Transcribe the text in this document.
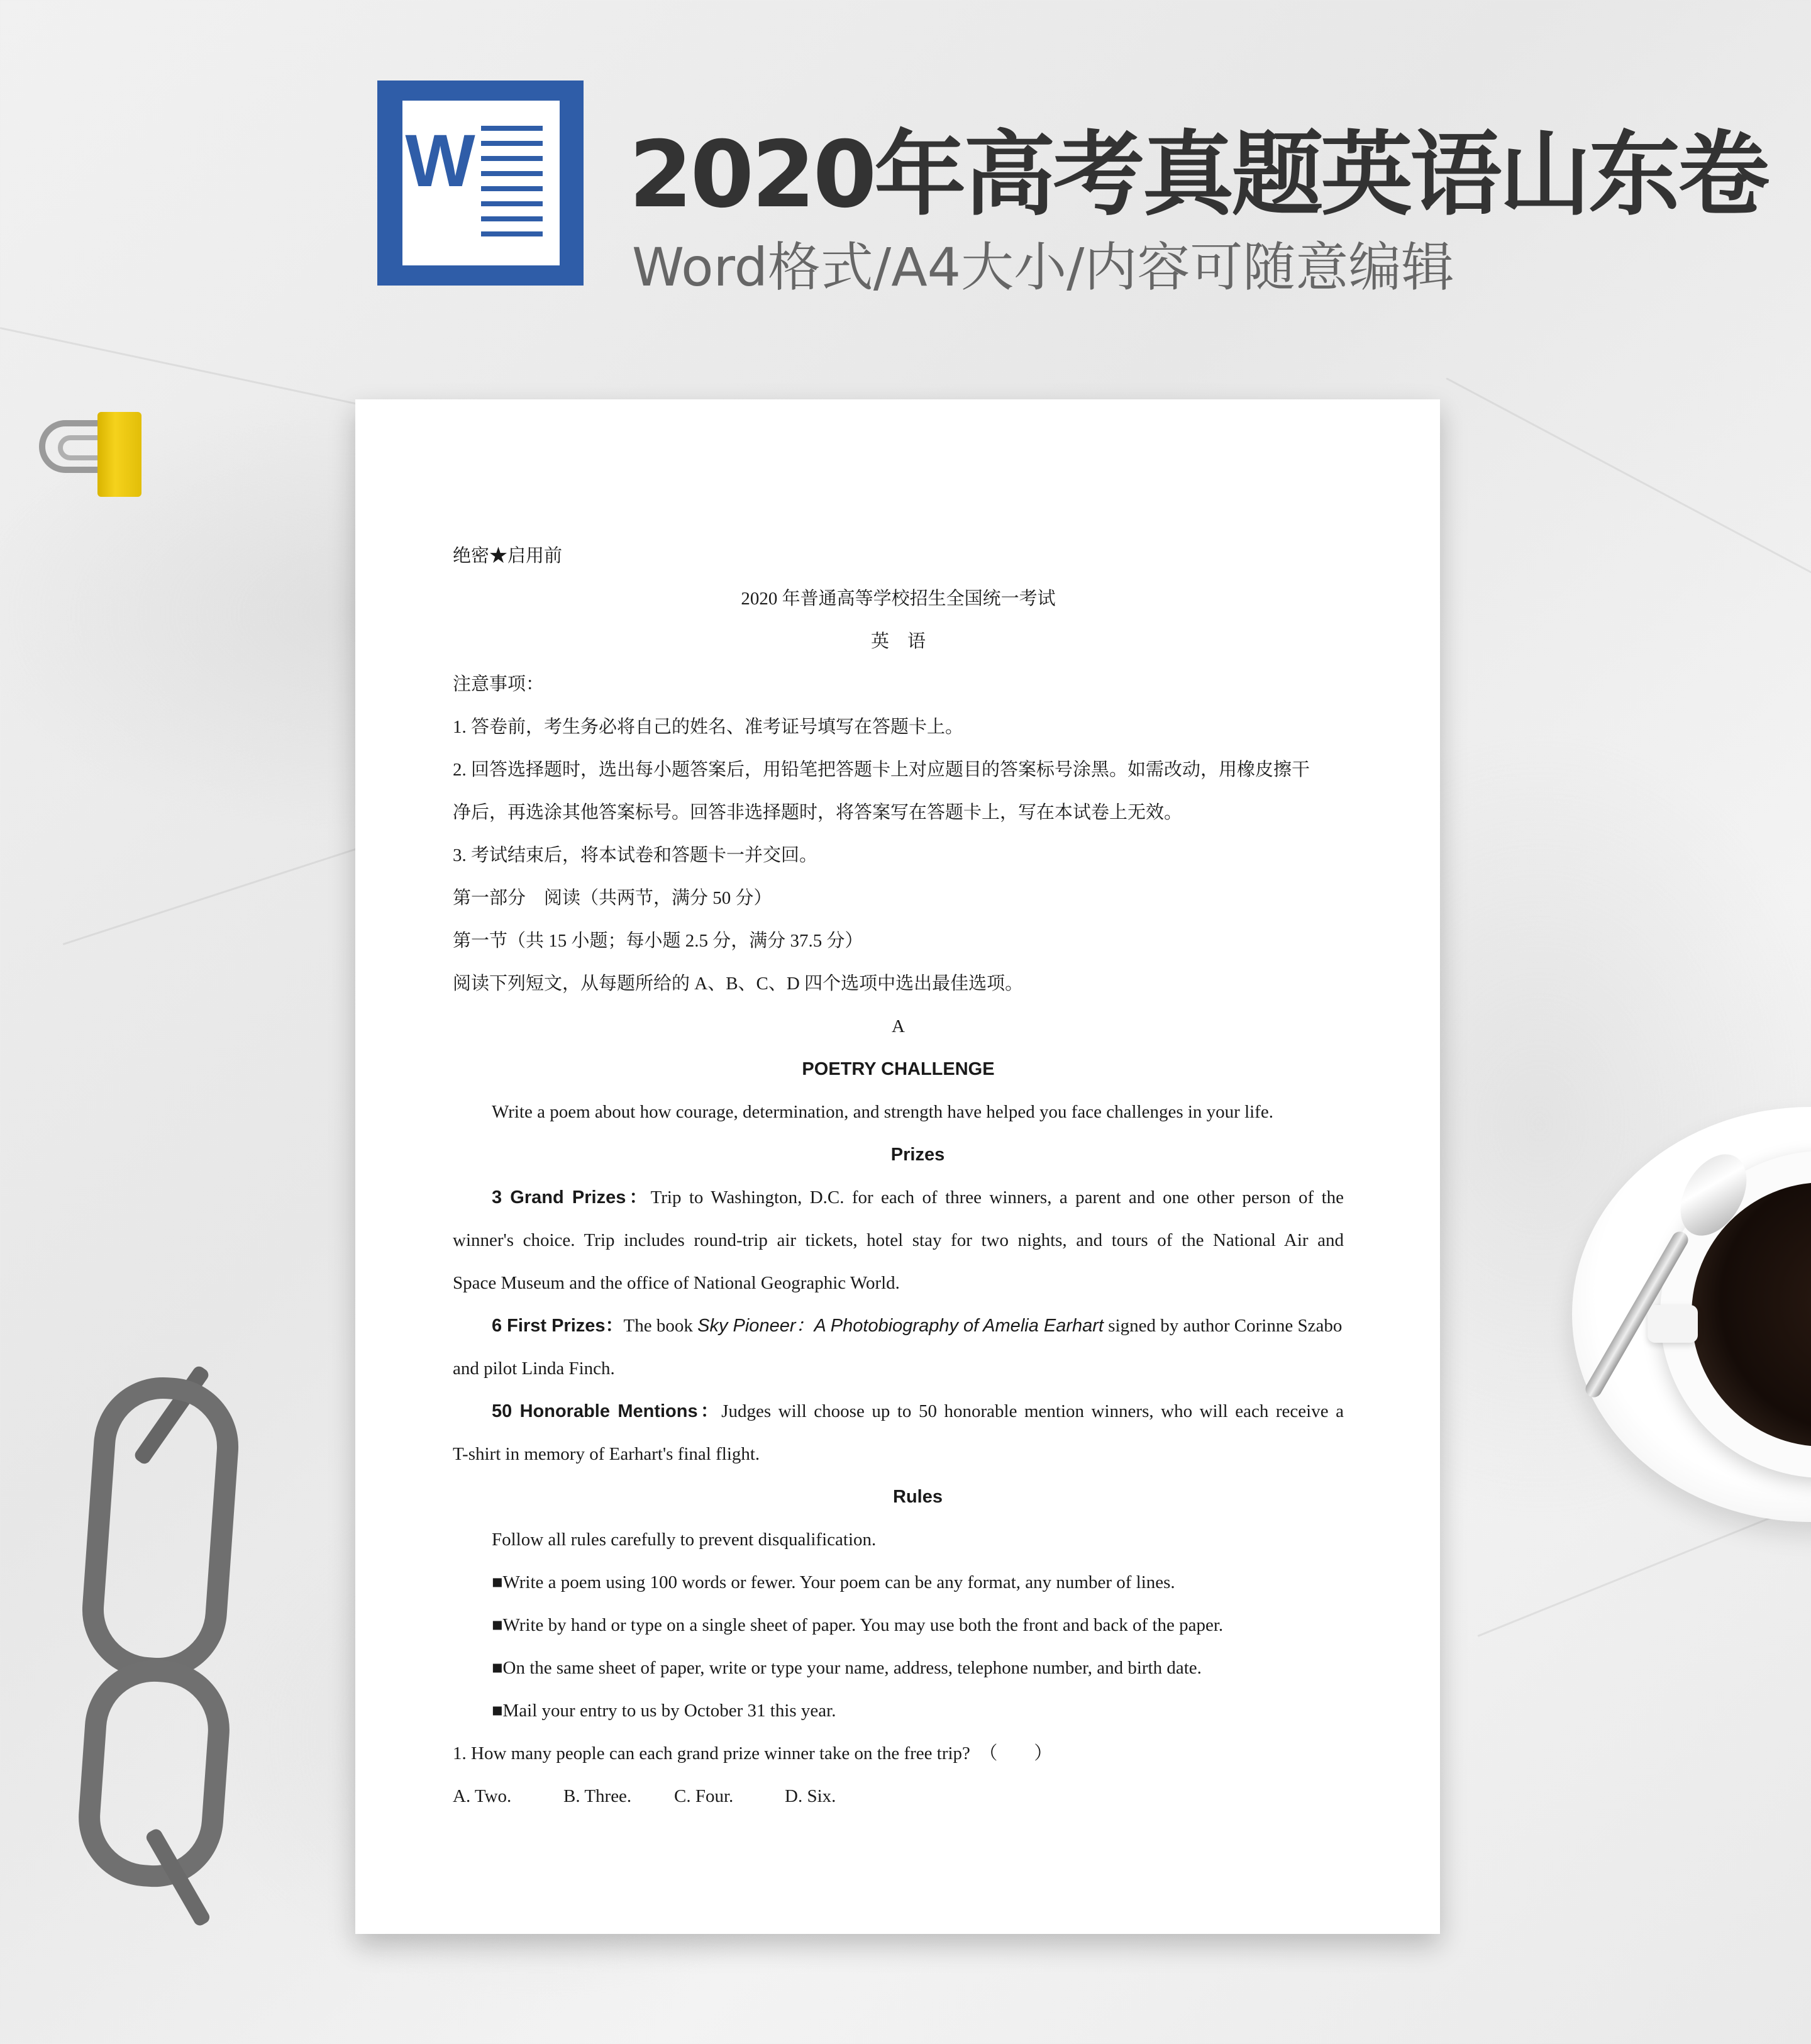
W 2020年高考真题英语山东卷
Word格式/A4大小/内容可随意编辑
绝密★启用前
2020 年普通高等学校招生全国统一考试
英    语
注意事项：
1. 答卷前，考生务必将自己的姓名、准考证号填写在答题卡上。
2. 回答选择题时，选出每小题答案后，用铅笔把答题卡上对应题目的答案标号涂黑。如需改动，用橡皮擦干
净后，再选涂其他答案标号。回答非选择题时，将答案写在答题卡上，写在本试卷上无效。
3. 考试结束后，将本试卷和答题卡一并交回。
第一部分    阅读（共两节，满分 50 分）
第一节（共 15 小题；每小题 2.5 分，满分 37.5 分）
阅读下列短文，从每题所给的 A、B、C、D 四个选项中选出最佳选项。
A
POETRY CHALLENGE
Write a poem about how courage, determination, and strength have helped you face challenges in your life.
Prizes
3 Grand Prizes：Trip to Washington, D.C. for each of three winners, a parent and one other person of the
winner's choice. Trip includes round-trip air tickets, hotel stay for two nights, and tours of the National Air and
Space Museum and the office of National Geographic World.
6 First Prizes：The book Sky Pioneer：A Photobiography of Amelia Earhart signed by author Corinne Szabo
and pilot Linda Finch.
50 Honorable Mentions：Judges will choose up to 50 honorable mention winners, who will each receive a
T-shirt in memory of Earhart's final flight.
Rules
Follow all rules carefully to prevent disqualification.
■Write a poem using 100 words or fewer. Your poem can be any format, any number of lines.
■Write by hand or type on a single sheet of paper. You may use both the front and back of the paper.
■On the same sheet of paper, write or type your name, address, telephone number, and birth date.
■Mail your entry to us by October 31 this year.
1. How many people can each grand prize winner take on the free trip?  （        ）
A. Two.	B. Three. C. Four.	D. Six.
